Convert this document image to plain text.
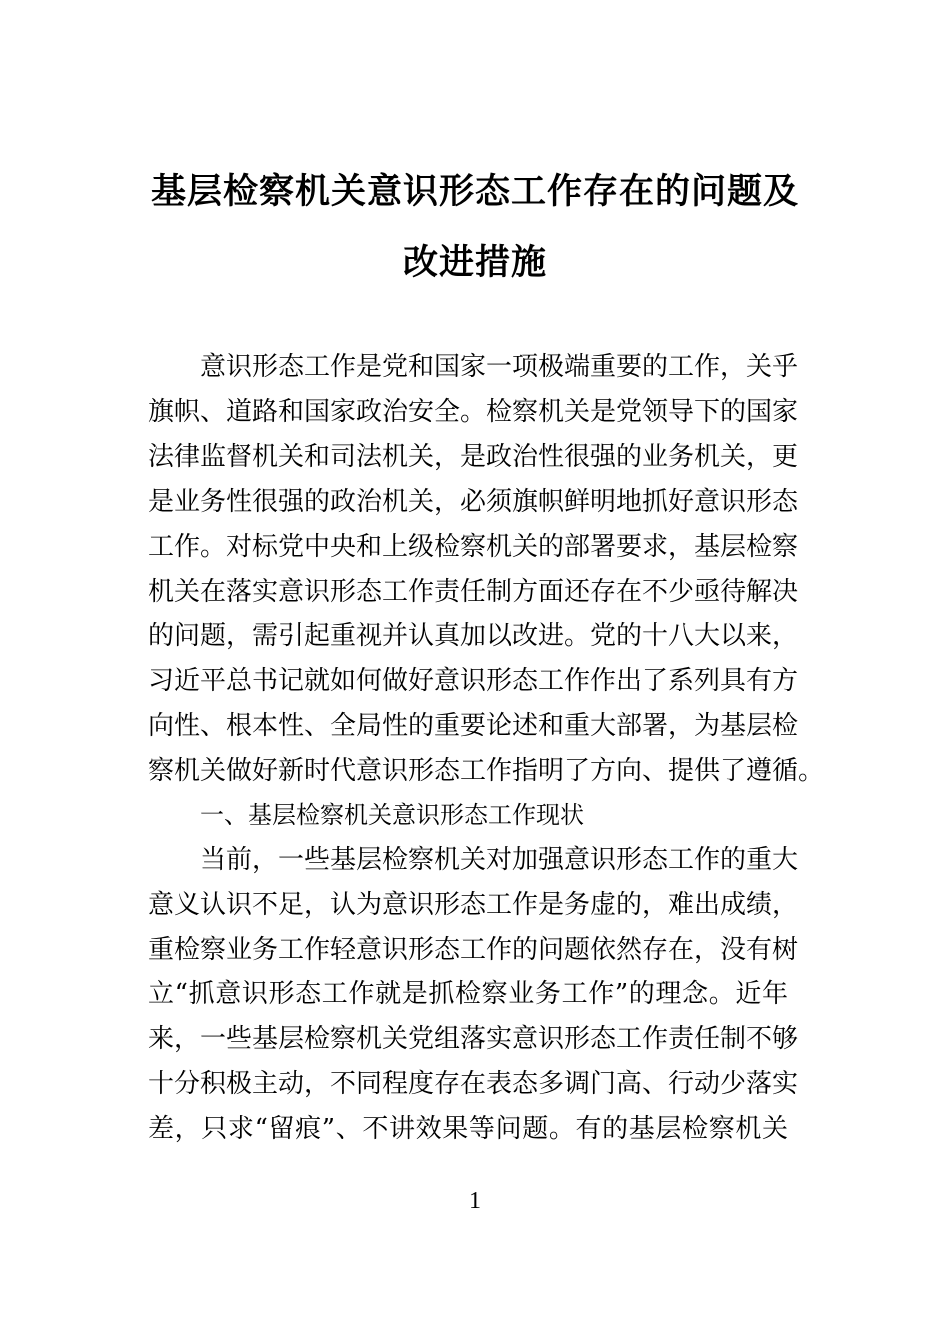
基层检察机关意识形态工作存在的问题及
改进措施
意识形态工作是党和国家一项极端重要的工作，关乎
旗帜、道路和国家政治安全。检察机关是党领导下的国家
法律监督机关和司法机关，是政治性很强的业务机关，更
是业务性很强的政治机关，必须旗帜鲜明地抓好意识形态
工作。对标党中央和上级检察机关的部署要求，基层检察
机关在落实意识形态工作责任制方面还存在不少亟待解决
的问题，需引起重视并认真加以改进。党的十八大以来，
习近平总书记就如何做好意识形态工作作出了系列具有方
向性、根本性、全局性的重要论述和重大部署，为基层检
察机关做好新时代意识形态工作指明了方向、提供了遵循。
一、基层检察机关意识形态工作现状
当前，一些基层检察机关对加强意识形态工作的重大
意义认识不足，认为意识形态工作是务虚的，难出成绩，
重检察业务工作轻意识形态工作的问题依然存在，没有树
立“抓意识形态工作就是抓检察业务工作”的理念。近年
来，一些基层检察机关党组落实意识形态工作责任制不够
十分积极主动，不同程度存在表态多调门高、行动少落实
差，只求“留痕”、不讲效果等问题。有的基层检察机关
1
